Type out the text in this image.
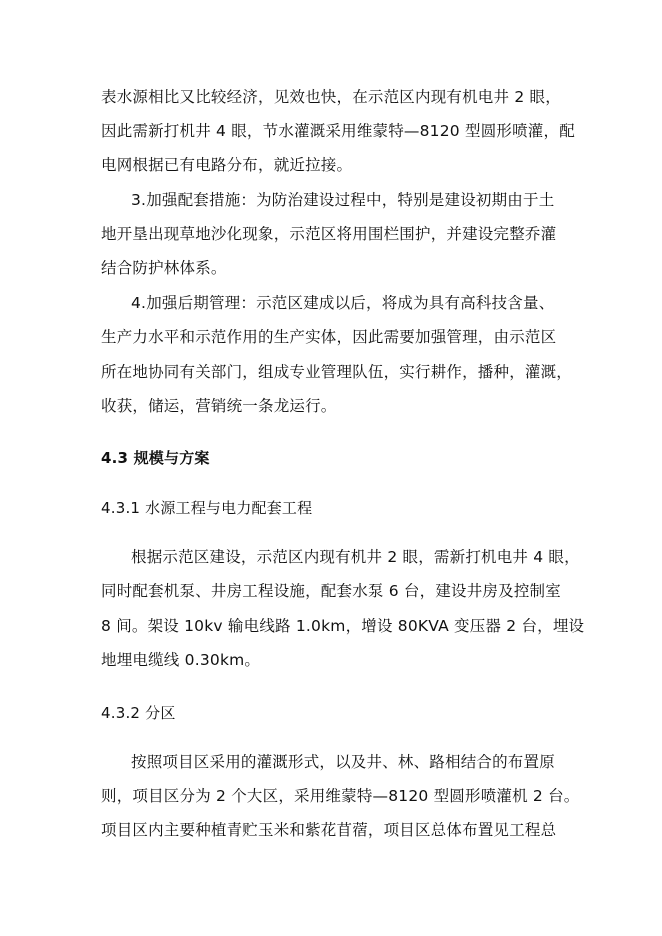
表水源相比又比较经济，见效也快，在示范区内现有机电井 2 眼，
因此需新打机井 4 眼，节水灌溉采用维蒙特—8120 型圆形喷灌，配
电网根据已有电路分布，就近拉接。
3.加强配套措施：为防治建设过程中，特别是建设初期由于土
地开垦出现草地沙化现象，示范区将用围栏围护，并建设完整乔灌
结合防护林体系。
4.加强后期管理：示范区建成以后，将成为具有高科技含量、
生产力水平和示范作用的生产实体，因此需要加强管理，由示范区
所在地协同有关部门，组成专业管理队伍，实行耕作，播种，灌溉，
收获，储运，营销统一条龙运行。
4.3 规模与方案
4.3.1 水源工程与电力配套工程
根据示范区建设，示范区内现有机井 2 眼，需新打机电井 4 眼，
同时配套机泵、井房工程设施，配套水泵 6 台，建设井房及控制室
8 间。架设 10kv 输电线路 1.0km，增设 80KVA 变压器 2 台，埋设
地埋电缆线 0.30km。
4.3.2 分区
按照项目区采用的灌溉形式，以及井、林、路相结合的布置原
则，项目区分为 2 个大区，采用维蒙特—8120 型圆形喷灌机 2 台。
项目区内主要种植青贮玉米和紫花苜蓿，项目区总体布置见工程总
